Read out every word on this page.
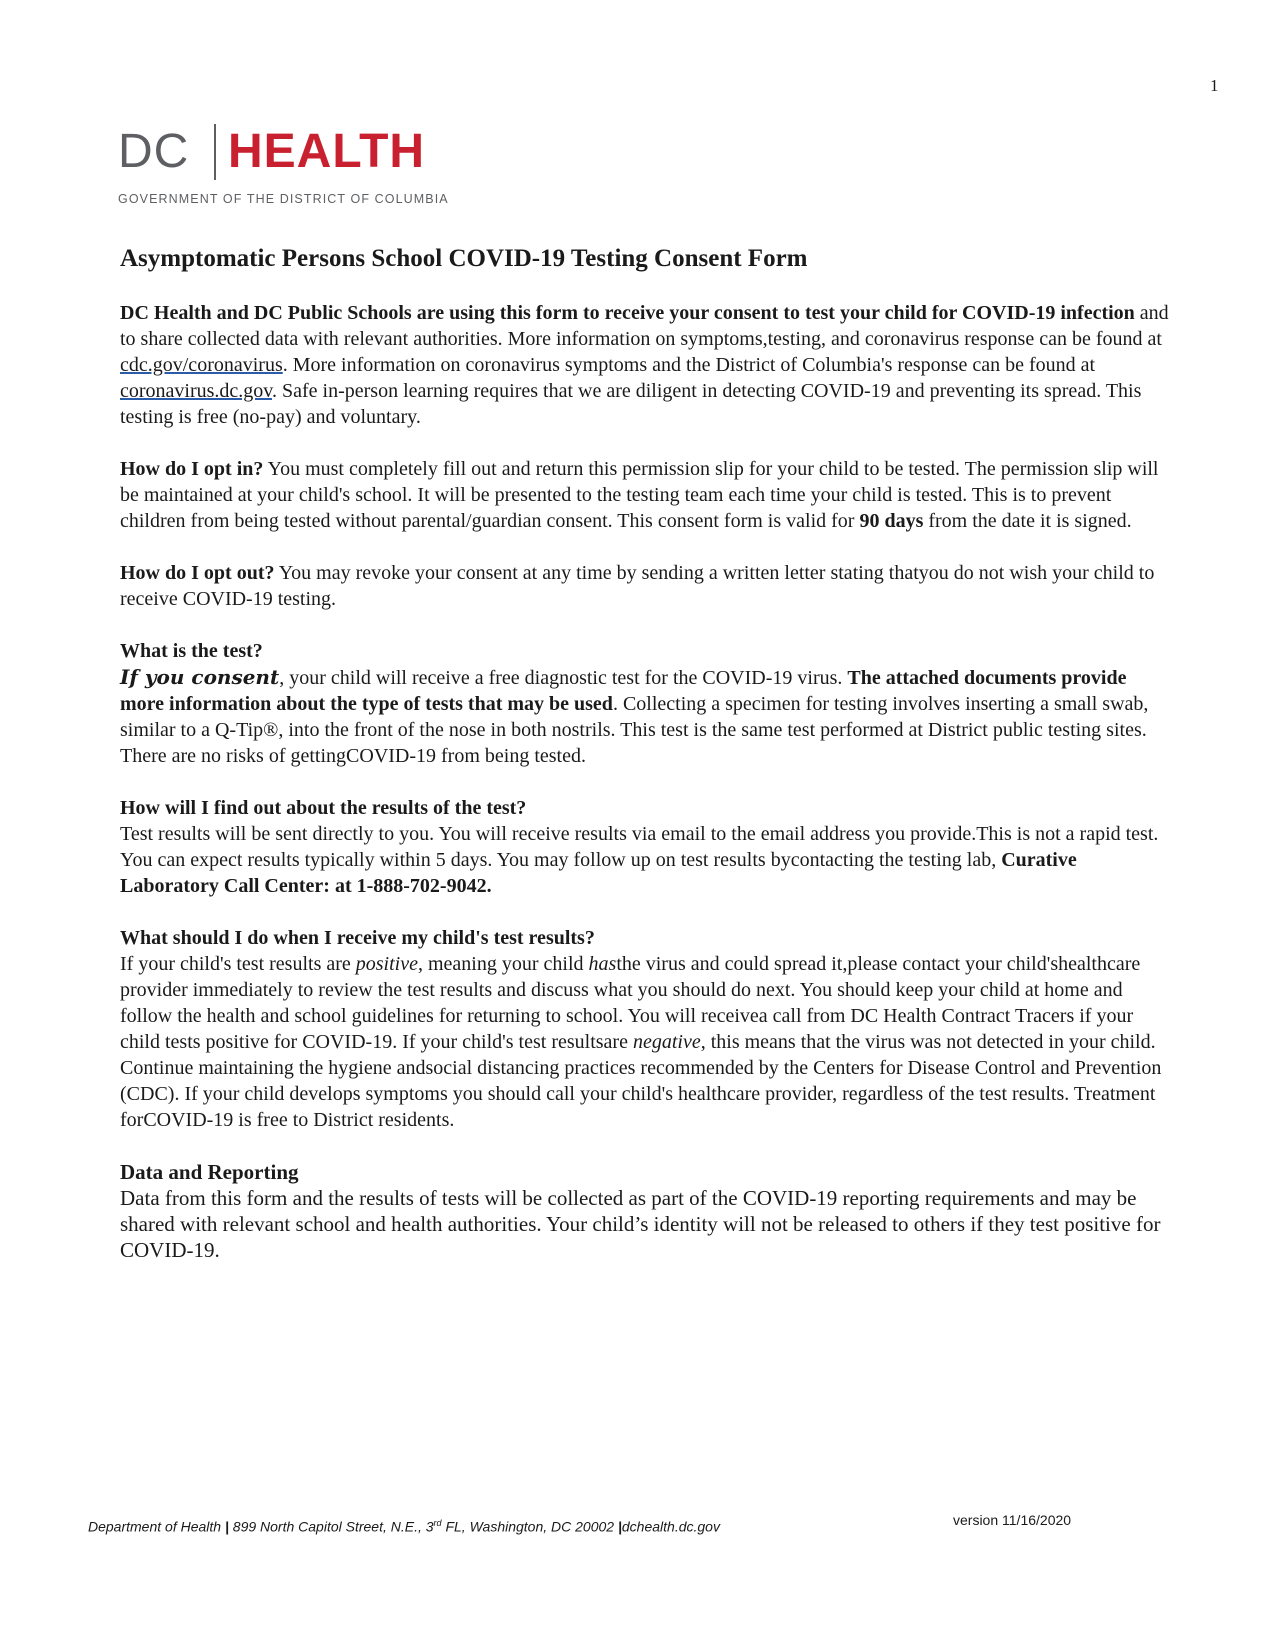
1
DC HEALTH
GOVERNMENT OF THE DISTRICT OF COLUMBIA
Asymptomatic Persons School COVID-19 Testing Consent Form

DC Health and DC Public Schools are using this form to receive your consent to test your child for COVID-19 infection and to share collected data with relevant authorities. More information on symptoms,testing, and coronavirus response can be found at cdc.gov/coronavirus. More information on coronavirus symptoms and the District of Columbia's response can be found at coronavirus.dc.gov. Safe in-person learning requires that we are diligent in detecting COVID-19 and preventing its spread. This testing is free (no-pay) and voluntary.

How do I opt in? You must completely fill out and return this permission slip for your child to be tested. The permission slip will be maintained at your child's school. It will be presented to the testing team each time your child is tested. This is to prevent children from being tested without parental/guardian consent. This consent form is valid for 90 days from the date it is signed.

How do I opt out? You may revoke your consent at any time by sending a written letter stating thatyou do not wish your child to receive COVID-19 testing.

What is the test?
If you consent, your child will receive a free diagnostic test for the COVID-19 virus. The attached documents provide more information about the type of tests that may be used. Collecting a specimen for testing involves inserting a small swab, similar to a Q-Tip®, into the front of the nose in both nostrils. This test is the same test performed at District public testing sites. There are no risks of gettingCOVID-19 from being tested.

How will I find out about the results of the test?
Test results will be sent directly to you. You will receive results via email to the email address you provide.This is not a rapid test. You can expect results typically within 5 days. You may follow up on test results bycontacting the testing lab, Curative Laboratory Call Center: at 1-888-702-9042.

What should I do when I receive my child's test results?
If your child's test results are positive, meaning your child hasthe virus and could spread it,please contact your child'shealthcare provider immediately to review the test results and discuss what you should do next. You should keep your child at home and follow the health and school guidelines for returning to school. You will receivea call from DC Health Contract Tracers if your child tests positive for COVID-19. If your child's test resultsare negative, this means that the virus was not detected in your child. Continue maintaining the hygiene andsocial distancing practices recommended by the Centers for Disease Control and Prevention (CDC). If your child develops symptoms you should call your child's healthcare provider, regardless of the test results. Treatment forCOVID-19 is free to District residents.

Data and Reporting
Data from this form and the results of tests will be collected as part of the COVID-19 reporting requirements and may be shared with relevant school and health authorities. Your child’s identity will not be released to others if they test positive for COVID-19.

Department of Health | 899 North Capitol Street, N.E., 3rd FL, Washington, DC 20002 |dchealth.dc.gov	version 11/16/2020
